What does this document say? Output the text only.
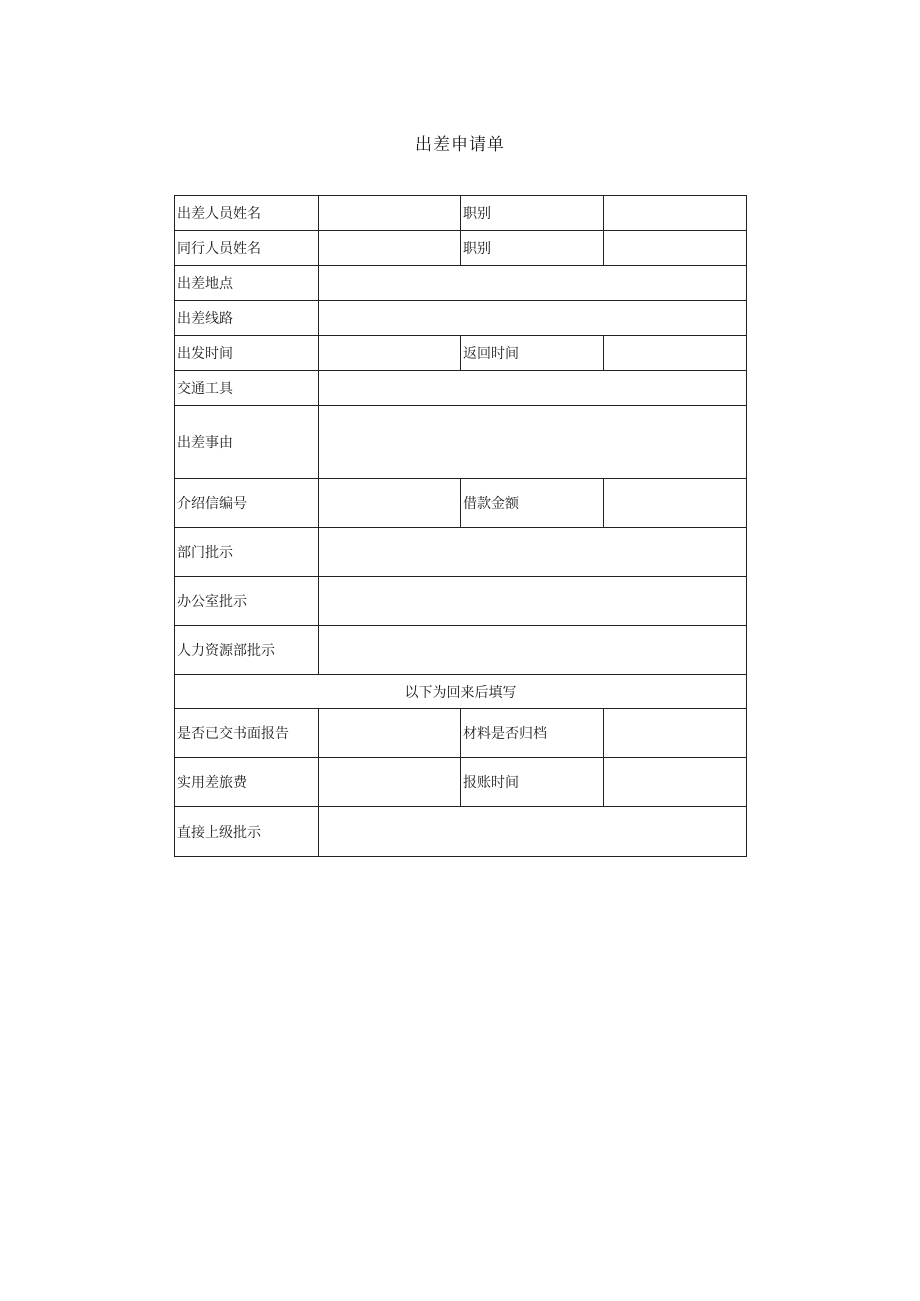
出差申请单
出差人员姓名		职别	
同行人员姓名		职别	
出差地点			
出差线路			
出发时间		返回时间	
交通工具			
出差事由			
介绍信编号		借款金额	
部门批示			
办公室批示			
人力资源部批示			
以下为回来后填写			
是否已交书面报告		材料是否归档	
实用差旅费		报账时间	
直接上级批示			
